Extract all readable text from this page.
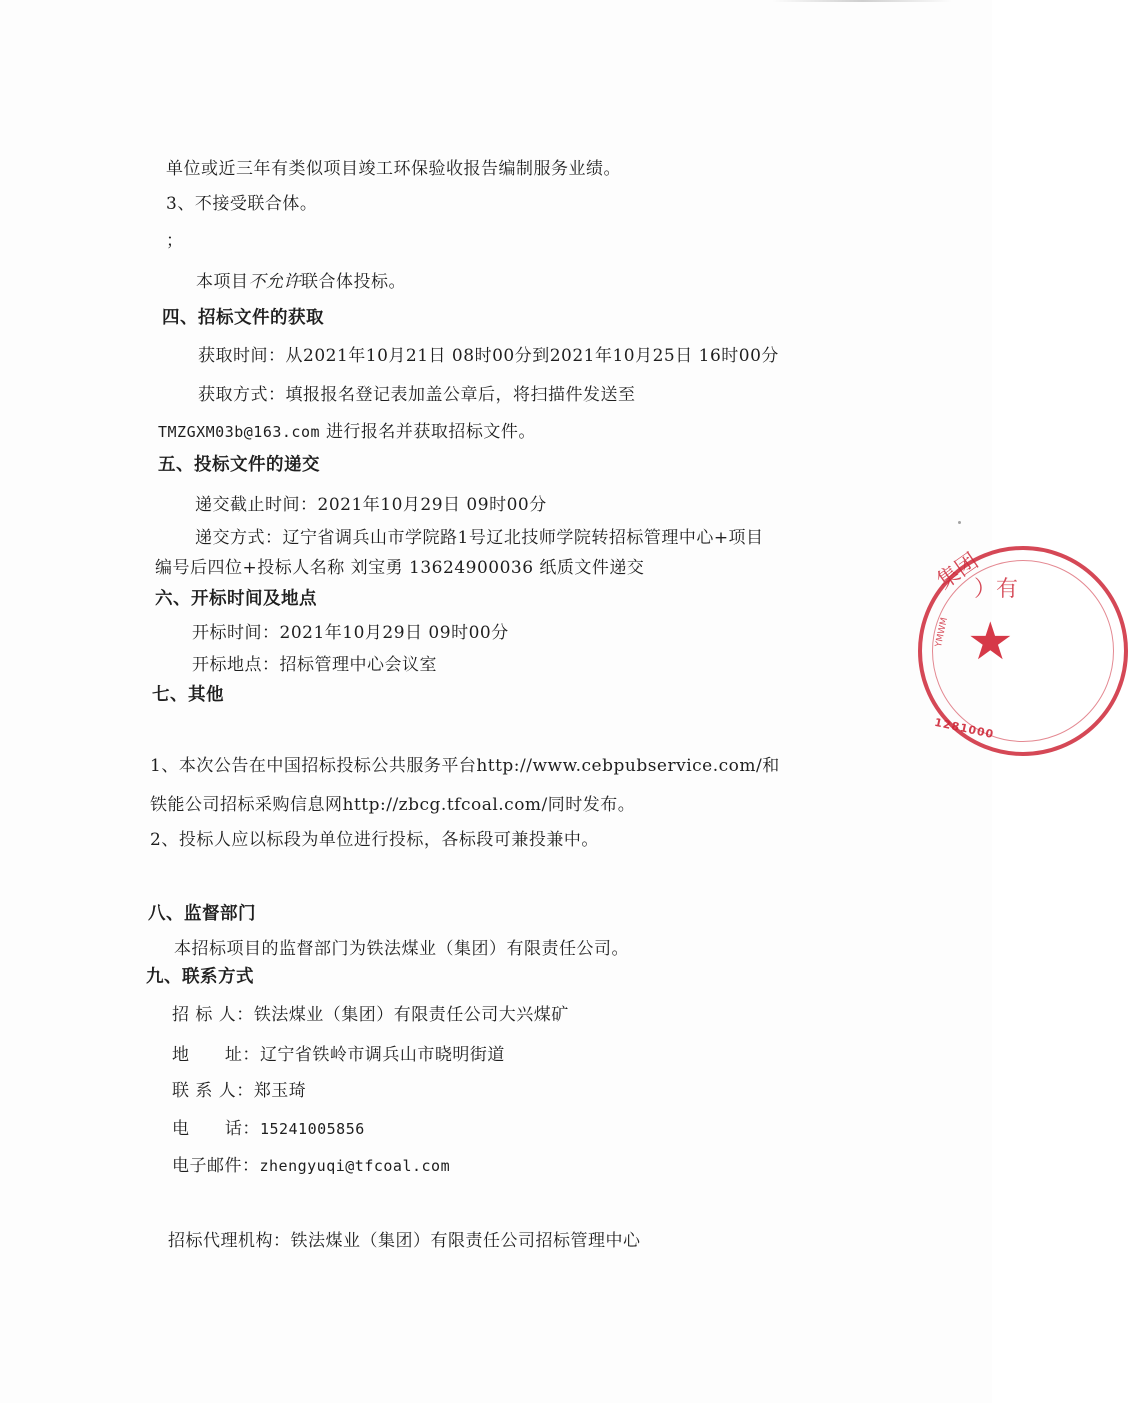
单位或近三年有类似项目竣工环保验收报告编制服务业绩。
3、不接受联合体。
；
本项目不允许联合体投标。
四、招标文件的获取
获取时间：从2021年10月21日 08时00分到2021年10月25日 16时00分
获取方式：填报报名登记表加盖公章后，将扫描件发送至
TMZGXM03b@163.com 进行报名并获取招标文件。
五、投标文件的递交
递交截止时间：2021年10月29日 09时00分
递交方式：辽宁省调兵山市学院路1号辽北技师学院转招标管理中心+项目
编号后四位+投标人名称 刘宝勇 13624900036 纸质文件递交
六、开标时间及地点
开标时间：2021年10月29日 09时00分
开标地点：招标管理中心会议室
七、其他
1、本次公告在中国招标投标公共服务平台http://www.cebpubservice.com/和
铁能公司招标采购信息网http://zbcg.tfcoal.com/同时发布。
2、投标人应以标段为单位进行投标，各标段可兼投兼中。
八、监督部门
本招标项目的监督部门为铁法煤业（集团）有限责任公司。
九、联系方式
招 标 人：铁法煤业（集团）有限责任公司大兴煤矿
地      址：辽宁省铁岭市调兵山市晓明街道
联 系 人：郑玉琦
电      话：15241005856
电子邮件：zhengyuqi@tfcoal.com
招标代理机构：铁法煤业（集团）有限责任公司招标管理中心
集团
）有
YMWM ★
1281000
